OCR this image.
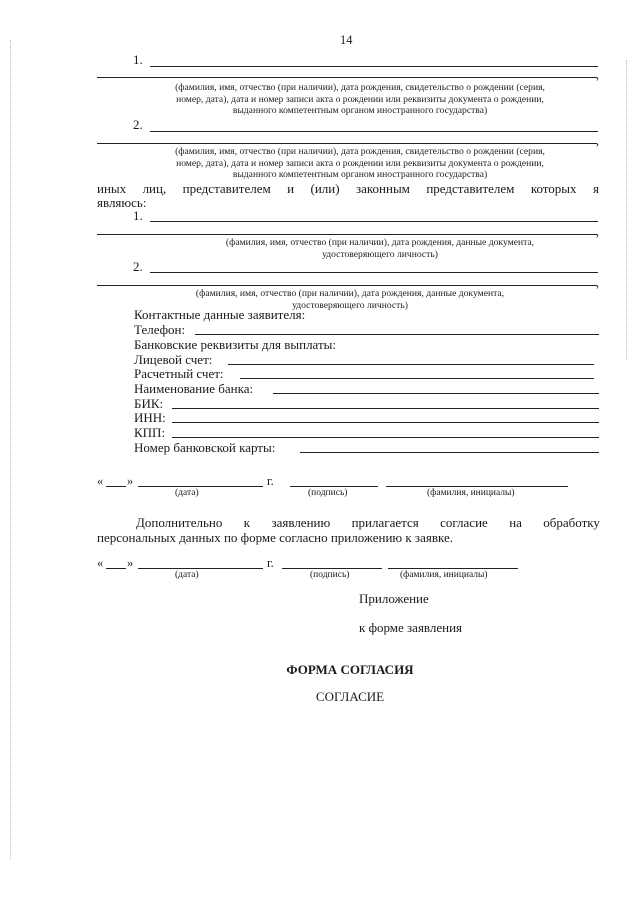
14
1.
,
(фамилия, имя, отчество (при наличии), дата рождения, свидетельство о рождении (серия,
номер, дата), дата и номер записи акта о рождении или реквизиты документа о рождении,
выданного компетентным органом иностранного государства)
2.
,
(фамилия, имя, отчество (при наличии), дата рождения, свидетельство о рождении (серия,
номер, дата), дата и номер записи акта о рождении или реквизиты документа о рождении,
выданного компетентным органом иностранного государства)
иных лиц, представителем и (или) законным представителем которых я
являюсь:
1.
,
(фамилия, имя, отчество (при наличии), дата рождения, данные документа,
удостоверяющего личность)
2.
,
(фамилия, имя, отчество (при наличии), дата рождения, данные документа,
удостоверяющего личность)
Контактные данные заявителя:
Телефон:
Банковские реквизиты для выплаты:
Лицевой счет:
Расчетный счет:
Наименование банка:
БИК:
ИНН:
КПП:
Номер банковской карты:
« »	г.
(дата)	(подпись)	(фамилия, инициалы)
Дополнительно к заявлению прилагается согласие на обработку
персональных данных по форме согласно приложению к заявке.
« »	г.
(дата)	(подпись)	(фамилия, инициалы)
Приложение
к форме заявления
ФОРМА СОГЛАСИЯ
СОГЛАСИЕ
